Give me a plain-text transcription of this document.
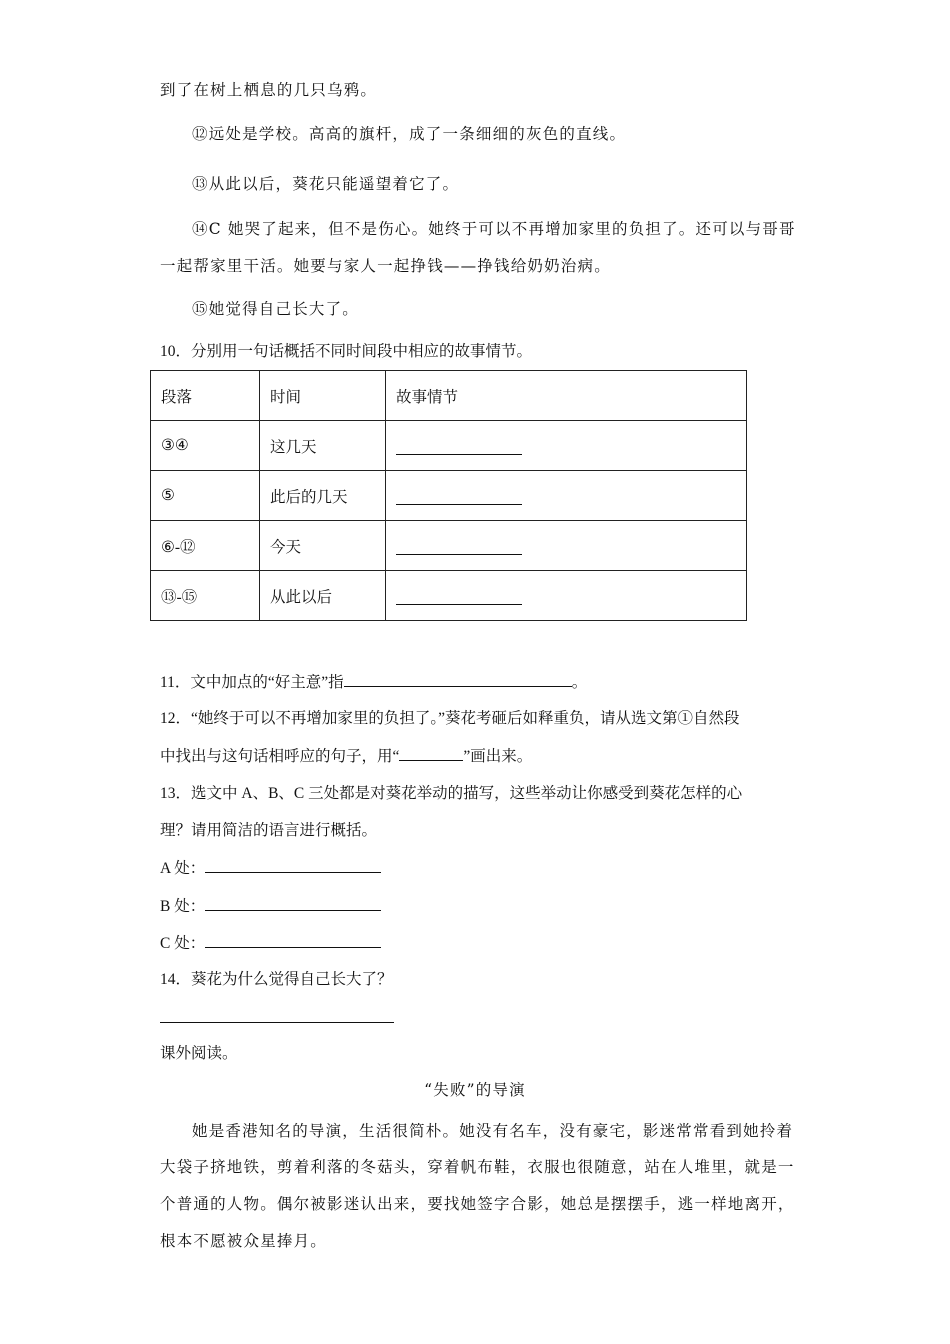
到了在树上栖息的几只乌鸦。
⑫远处是学校。高高的旗杆，成了一条细细的灰色的直线。
⑬从此以后，葵花只能遥望着它了。
⑭C 她哭了起来，但不是伤心。她终于可以不再增加家里的负担了。还可以与哥哥
一起帮家里干活。她要与家人一起挣钱——挣钱给奶奶治病。
⑮她觉得自己长大了。
10．分别用一句话概括不同时间段中相应的故事情节。
段落	时间	故事情节
③④	这几天	
⑤	此后的几天	
⑥-⑫	今天	
⑬-⑮	从此以后	
11．文中加点的“好主意”指	。
12．“她终于可以不再增加家里的负担了。”葵花考砸后如释重负，请从选文第①自然段
中找出与这句话相呼应的句子，用“	”画出来。
13．选文中 A、B、C 三处都是对葵花举动的描写，这些举动让你感受到葵花怎样的心
理？请用简洁的语言进行概括。
A 处：
B 处：
C 处：
14．葵花为什么觉得自己长大了？
课外阅读。
“失败”的导演
她是香港知名的导演，生活很简朴。她没有名车，没有豪宅，影迷常常看到她拎着
大袋子挤地铁，剪着利落的冬菇头，穿着帆布鞋，衣服也很随意，站在人堆里，就是一
个普通的人物。偶尔被影迷认出来，要找她签字合影，她总是摆摆手，逃一样地离开，
根本不愿被众星捧月。
